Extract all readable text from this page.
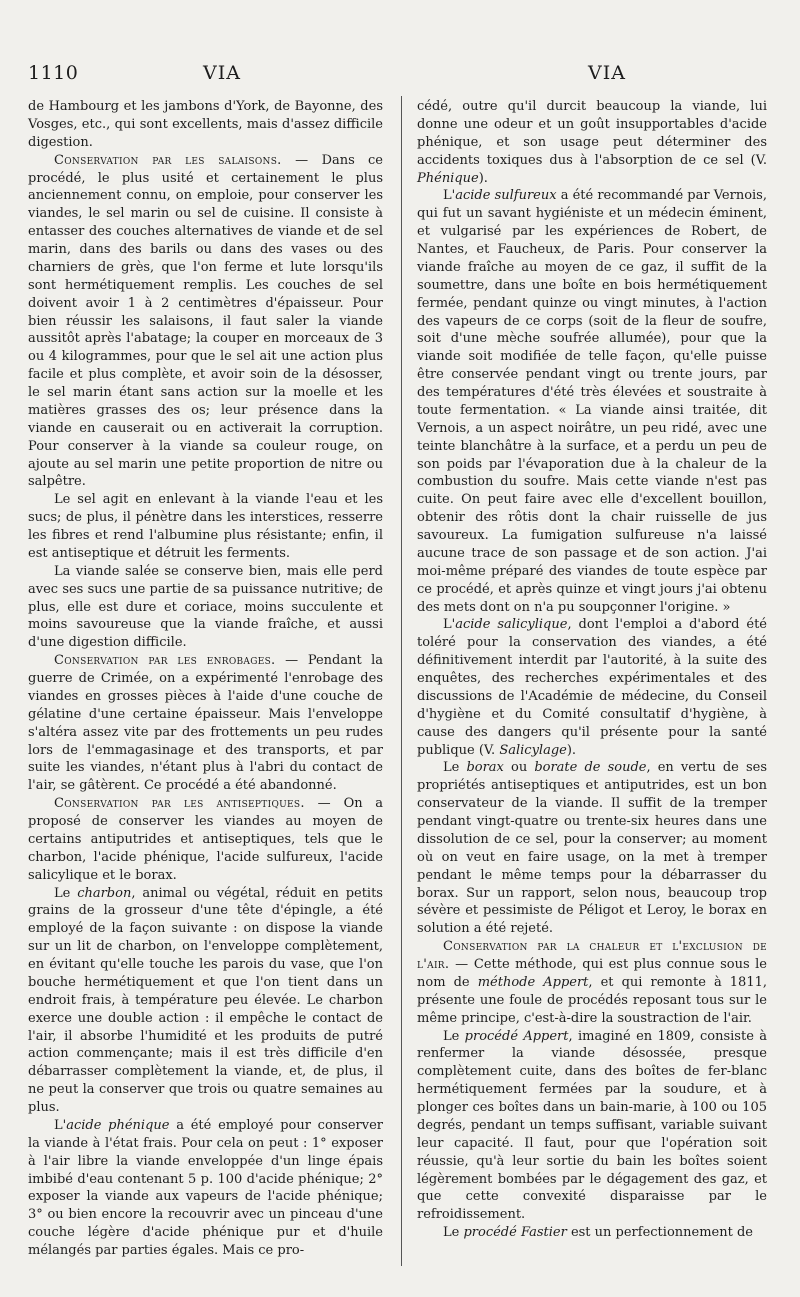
1110	VIA	VIA

de Hambourg et les jambons d'York, de Bayonne, des Vosges, etc., qui sont excellents, mais d'assez difficile digestion.

Conservation par les salaisons. — Dans ce procédé, le plus usité et certainement le plus anciennement connu, on emploie, pour conserver les viandes, le sel marin ou sel de cuisine. Il consiste à entasser des couches alternatives de viande et de sel marin, dans des barils ou dans des vases ou des charniers de grès, que l'on ferme et lute lorsqu'ils sont hermétiquement remplis. Les couches de sel doivent avoir 1 à 2 centimètres d'épaisseur. Pour bien réussir les salaisons, il faut saler la viande aussitôt après l'abatage; la couper en morceaux de 3 ou 4 kilogrammes, pour que le sel ait une action plus facile et plus complète, et avoir soin de la désosser, le sel marin étant sans action sur la moelle et les matières grasses des os; leur présence dans la viande en causerait ou en activerait la corruption. Pour conserver à la viande sa couleur rouge, on ajoute au sel marin une petite proportion de nitre ou salpêtre.

Le sel agit en enlevant à la viande l'eau et les sucs; de plus, il pénètre dans les interstices, resserre les fibres et rend l'albumine plus résistante; enfin, il est antiseptique et détruit les ferments.

La viande salée se conserve bien, mais elle perd avec ses sucs une partie de sa puissance nutritive; de plus, elle est dure et coriace, moins succulente et moins savoureuse que la viande fraîche, et aussi d'une digestion difficile.

Conservation par les enrobages. — Pendant la guerre de Crimée, on a expérimenté l'enrobage des viandes en grosses pièces à l'aide d'une couche de gélatine d'une certaine épaisseur. Mais l'enveloppe s'altéra assez vite par des frottements un peu rudes lors de l'emmagasinage et des transports, et par suite les viandes, n'étant plus à l'abri du contact de l'air, se gâtèrent. Ce procédé a été abandonné.

Conservation par les antiseptiques. — On a proposé de conserver les viandes au moyen de certains antiputrides et antiseptiques, tels que le charbon, l'acide phénique, l'acide sulfureux, l'acide salicylique et le borax.

Le charbon, animal ou végétal, réduit en petits grains de la grosseur d'une tête d'épingle, a été employé de la façon suivante : on dispose la viande sur un lit de charbon, on l'enveloppe complètement, en évitant qu'elle touche les parois du vase, que l'on bouche hermétiquement et que l'on tient dans un endroit frais, à température peu élevée. Le charbon exerce une double action : il empêche le contact de l'air, il absorbe l'humidité et les produits de putré action commençante; mais il est très difficile d'en débarrasser complètement la viande, et, de plus, il ne peut la conserver que trois ou quatre semaines au plus.

L'acide phénique a été employé pour conserver la viande à l'état frais. Pour cela on peut : 1° exposer à l'air libre la viande enveloppée d'un linge épais imbibé d'eau contenant 5 p. 100 d'acide phénique; 2° exposer la viande aux vapeurs de l'acide phénique; 3° ou bien encore la recouvrir avec un pinceau d'une couche légère d'acide phénique pur et d'huile mélangés par parties égales. Mais ce pro-

cédé, outre qu'il durcit beaucoup la viande, lui donne une odeur et un goût insupportables d'acide phénique, et son usage peut déterminer des accidents toxiques dus à l'absorption de ce sel (V. Phénique).

L'acide sulfureux a été recommandé par Vernois, qui fut un savant hygiéniste et un médecin éminent, et vulgarisé par les expériences de Robert, de Nantes, et Faucheux, de Paris. Pour conserver la viande fraîche au moyen de ce gaz, il suffit de la soumettre, dans une boîte en bois hermétiquement fermée, pendant quinze ou vingt minutes, à l'action des vapeurs de ce corps (soit de la fleur de soufre, soit d'une mèche soufrée allumée), pour que la viande soit modifiée de telle façon, qu'elle puisse être conservée pendant vingt ou trente jours, par des températures d'été très élevées et soustraite à toute fermentation. « La viande ainsi traitée, dit Vernois, a un aspect noirâtre, un peu ridé, avec une teinte blanchâtre à la surface, et a perdu un peu de son poids par l'évaporation due à la chaleur de la combustion du soufre. Mais cette viande n'est pas cuite. On peut faire avec elle d'excellent bouillon, obtenir des rôtis dont la chair ruisselle de jus savoureux. La fumigation sulfureuse n'a laissé aucune trace de son passage et de son action. J'ai moi-même préparé des viandes de toute espèce par ce procédé, et après quinze et vingt jours j'ai obtenu des mets dont on n'a pu soupçonner l'origine. »

L'acide salicylique, dont l'emploi a d'abord été toléré pour la conservation des viandes, a été définitivement interdit par l'autorité, à la suite des enquêtes, des recherches expérimentales et des discussions de l'Académie de médecine, du Conseil d'hygiène et du Comité consultatif d'hygiène, à cause des dangers qu'il présente pour la santé publique (V. Salicylage).

Le borax ou borate de soude, en vertu de ses propriétés antiseptiques et antiputrides, est un bon conservateur de la viande. Il suffit de la tremper pendant vingt-quatre ou trente-six heures dans une dissolution de ce sel, pour la conserver; au moment où on veut en faire usage, on la met à tremper pendant le même temps pour la débarrasser du borax. Sur un rapport, selon nous, beaucoup trop sévère et pessimiste de Péligot et Leroy, le borax en solution a été rejeté.

Conservation par la chaleur et l'exclusion de l'air. — Cette méthode, qui est plus connue sous le nom de méthode Appert, et qui remonte à 1811, présente une foule de procédés reposant tous sur le même principe, c'est-à-dire la soustraction de l'air.

Le procédé Appert, imaginé en 1809, consiste à renfermer la viande désossée, presque complètement cuite, dans des boîtes de fer-blanc hermétiquement fermées par la soudure, et à plonger ces boîtes dans un bain-marie, à 100 ou 105 degrés, pendant un temps suffisant, variable suivant leur capacité. Il faut, pour que l'opération soit réussie, qu'à leur sortie du bain les boîtes soient légèrement bombées par le dégagement des gaz, et que cette convexité disparaisse par le refroidissement.

Le procédé Fastier est un perfectionnement de
